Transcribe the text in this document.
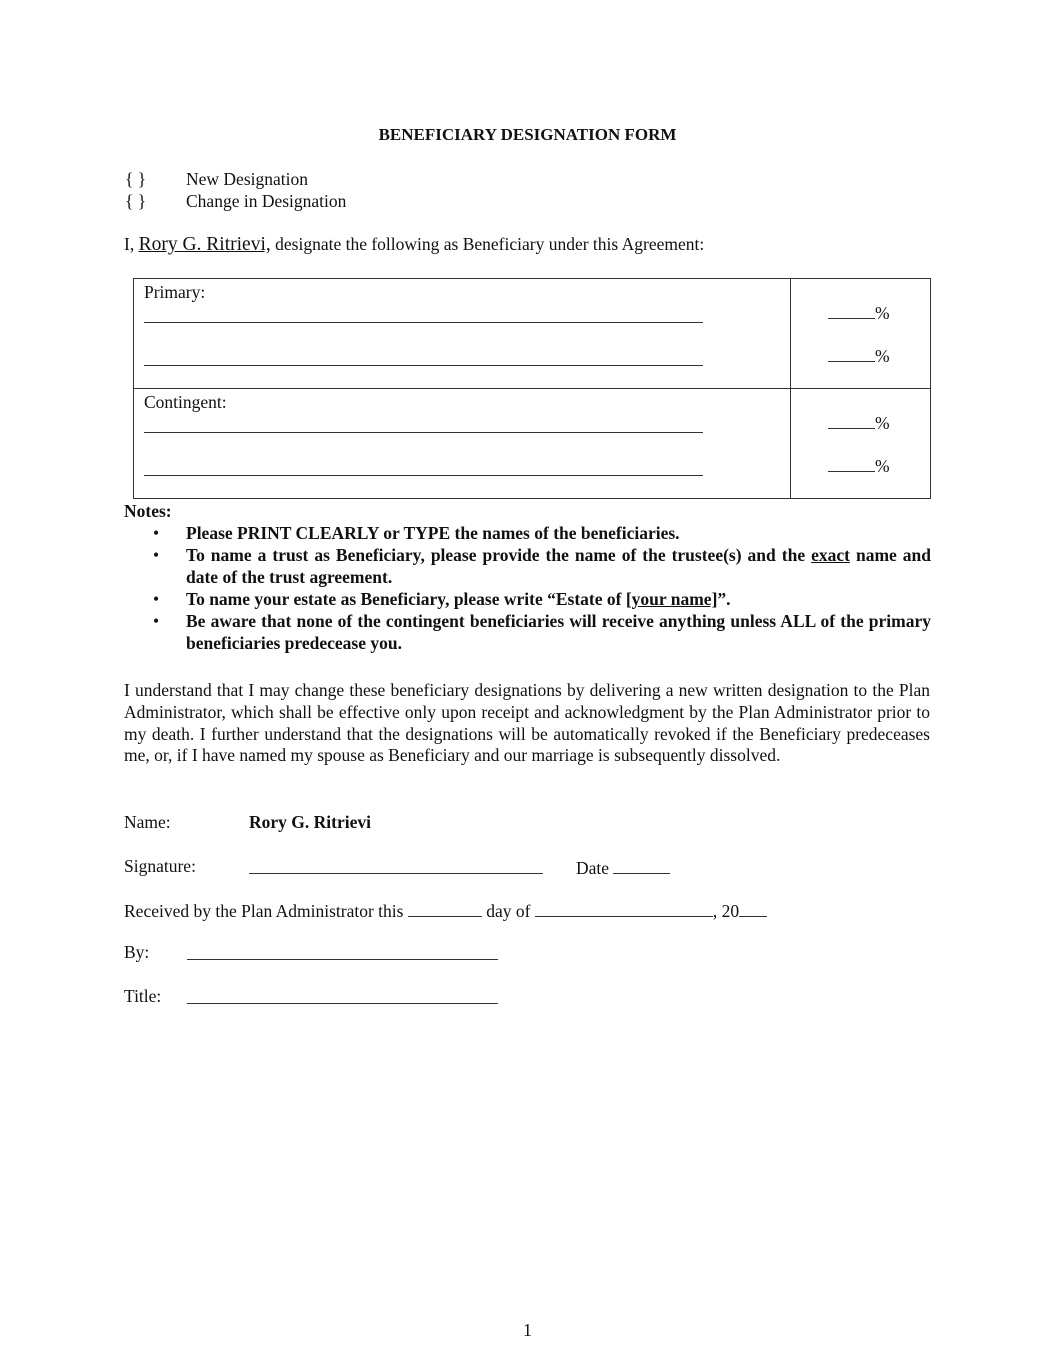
BENEFICIARY DESIGNATION FORM
{ } New Designation
{ } Change in Designation
I, Rory G. Ritrievi, designate the following as Beneficiary under this Agreement:
Primary:	%
%

Contingent:	%
%
Notes:
• Please PRINT CLEARLY or TYPE the names of the beneficiaries.
• To name a trust as Beneficiary, please provide the name of the trustee(s) and the exact name and date of the trust agreement.
• To name your estate as Beneficiary, please write “Estate of [your name]”.
• Be aware that none of the contingent beneficiaries will receive anything unless ALL of the primary beneficiaries predecease you.
I understand that I may change these beneficiary designations by delivering a new written designation to the Plan Administrator, which shall be effective only upon receipt and acknowledgment by the Plan Administrator prior to my death. I further understand that the designations will be automatically revoked if the Beneficiary predeceases me, or, if I have named my spouse as Beneficiary and our marriage is subsequently dissolved.
Name:	Rory G. Ritrievi
Signature:	Date
Received by the Plan Administrator this	day of	, 20
By:
Title:
1
